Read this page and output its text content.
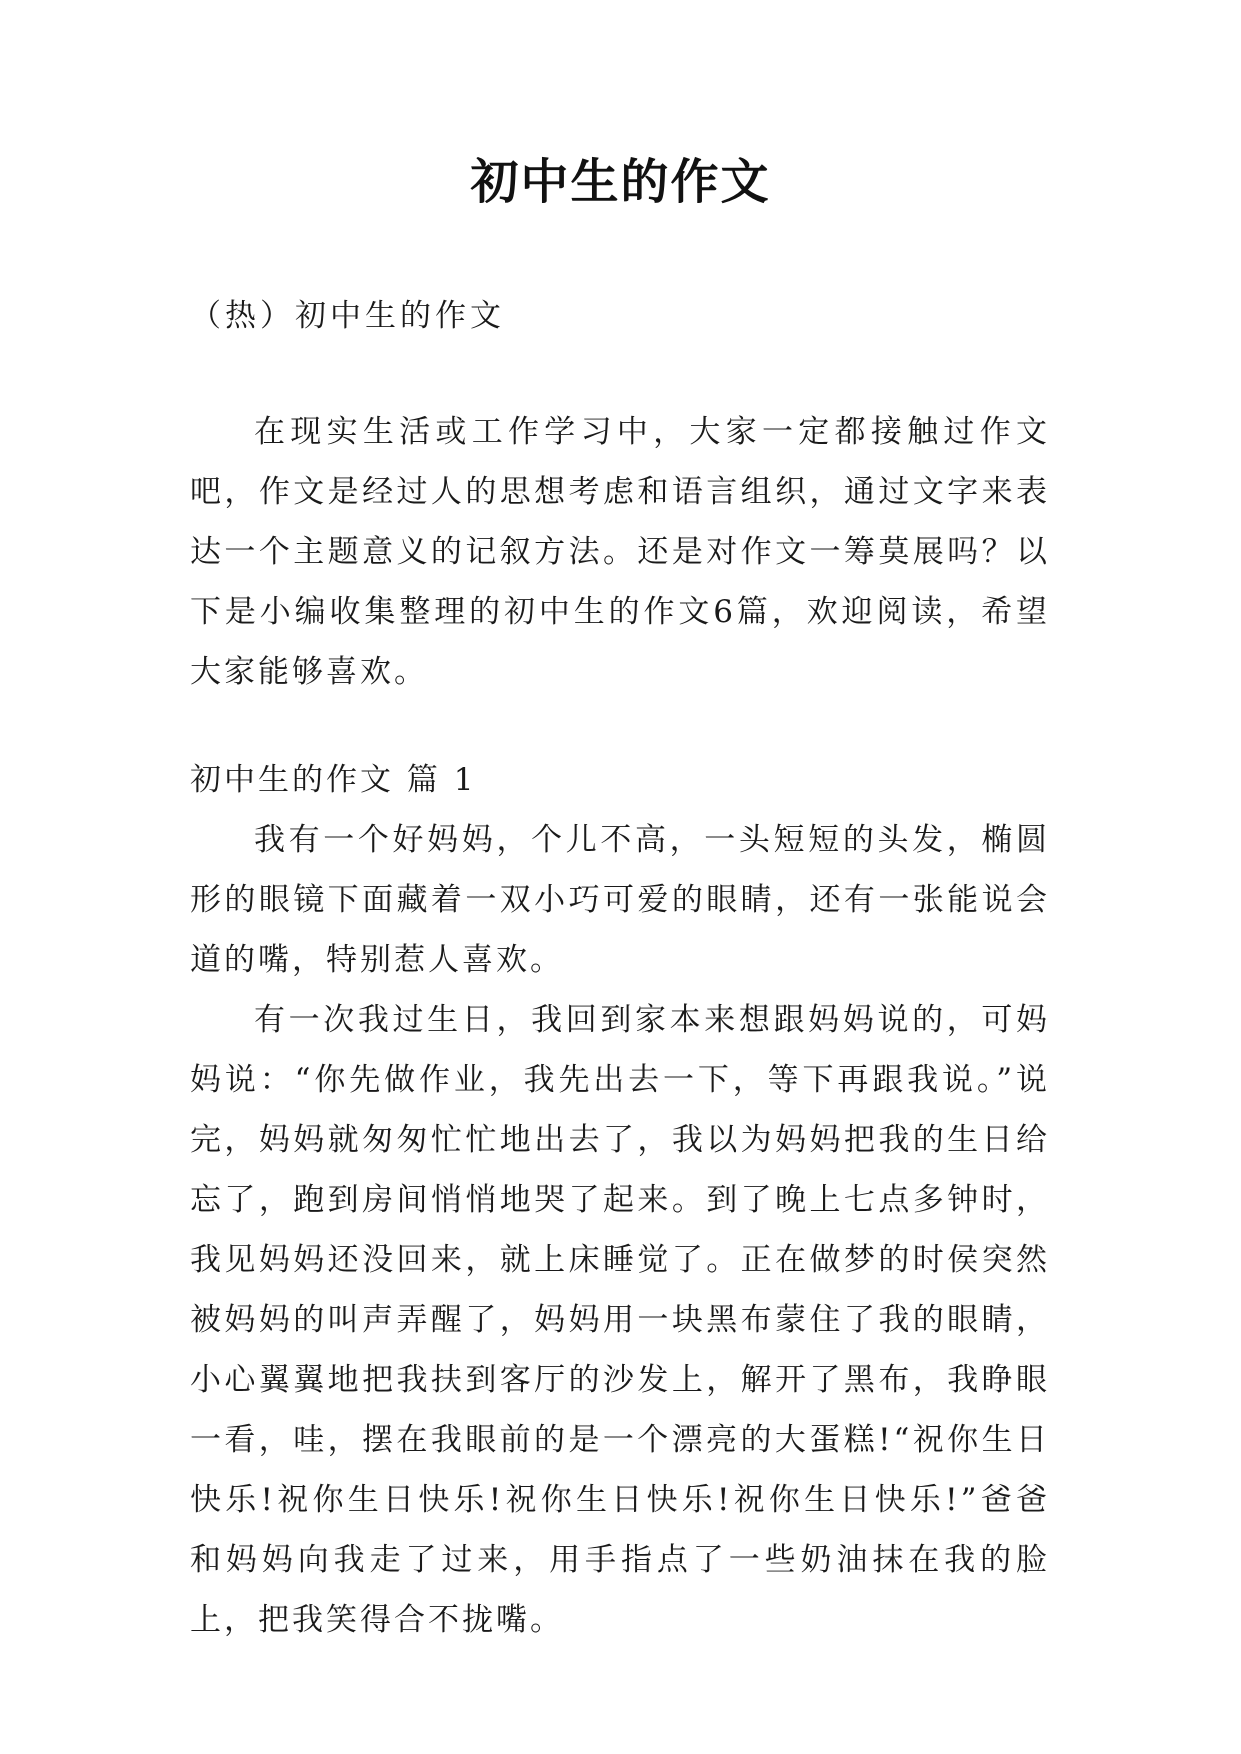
初中生的作文
（热）初中生的作文

在现实生活或工作学习中，大家一定都接触过作文吧，作文是经过人的思想考虑和语言组织，通过文字来表达一个主题意义的记叙方法。还是对作文一筹莫展吗？以下是小编收集整理的初中生的作文6篇，欢迎阅读，希望大家能够喜欢。

初中生的作文 篇 1

我有一个好妈妈，个儿不高，一头短短的头发，椭圆形的眼镜下面藏着一双小巧可爱的眼睛，还有一张能说会道的嘴，特别惹人喜欢。

有一次我过生日，我回到家本来想跟妈妈说的，可妈妈说：“你先做作业，我先出去一下，等下再跟我说。”说完，妈妈就匆匆忙忙地出去了，我以为妈妈把我的生日给忘了，跑到房间悄悄地哭了起来。到了晚上七点多钟时，我见妈妈还没回来，就上床睡觉了。正在做梦的时侯突然被妈妈的叫声弄醒了，妈妈用一块黑布蒙住了我的眼睛，小心翼翼地把我扶到客厅的沙发上，解开了黑布，我睁眼一看，哇，摆在我眼前的是一个漂亮的大蛋糕!“祝你生日快乐!祝你生日快乐!祝你生日快乐!祝你生日快乐!”爸爸和妈妈向我走了过来，用手指点了一些奶油抹在我的脸上，把我笑得合不拢嘴。
